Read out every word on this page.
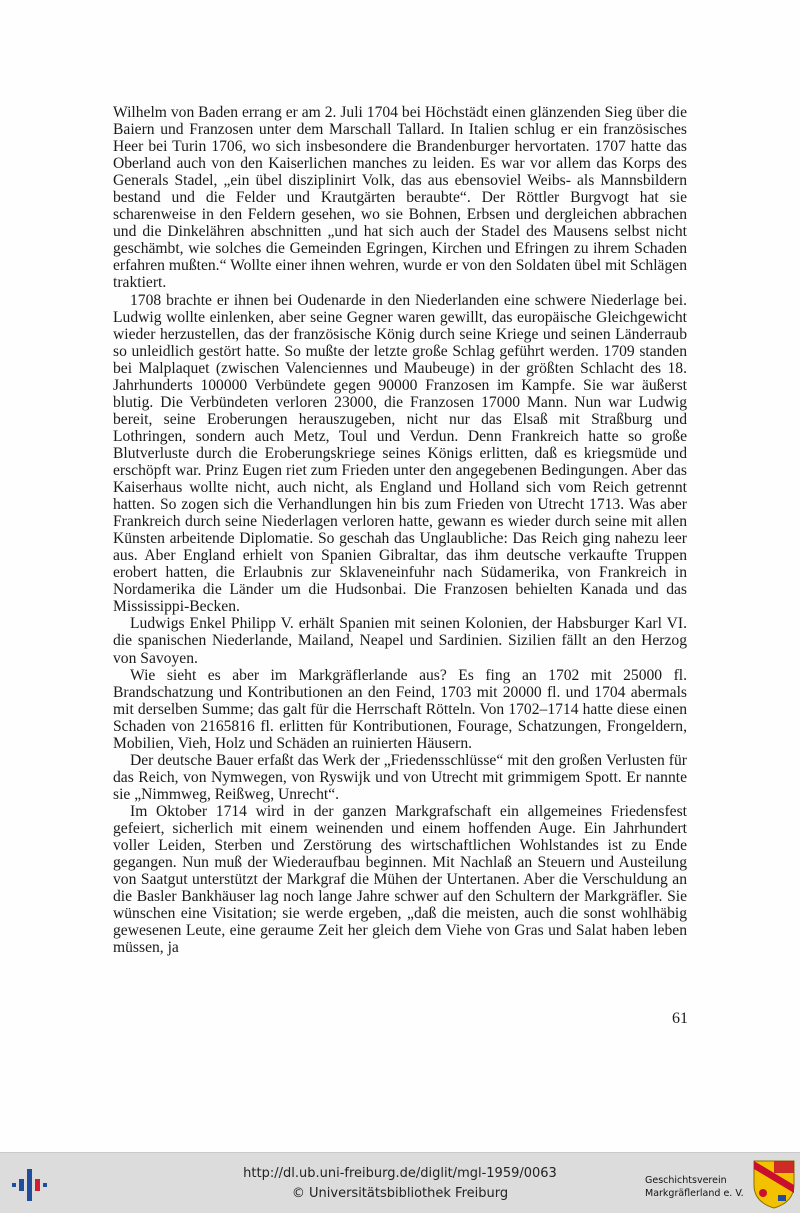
Wilhelm von Baden errang er am 2. Juli 1704 bei Höchstädt einen glänzenden Sieg über die Baiern und Franzosen unter dem Marschall Tallard. In Italien schlug er ein französisches Heer bei Turin 1706, wo sich insbesondere die Brandenburger hervortaten. 1707 hatte das Oberland auch von den Kaiserlichen manches zu leiden. Es war vor allem das Korps des Generals Stadel, „ein übel disziplinirt Volk, das aus ebensoviel Weibs- als Mannsbildern bestand und die Felder und Krautgärten beraubte“. Der Röttler Burgvogt hat sie scharenweise in den Feldern gesehen, wo sie Bohnen, Erbsen und dergleichen abbrachen und die Dinkelähren abschnitten „und hat sich auch der Stadel des Mausens selbst nicht geschämbt, wie solches die Gemeinden Egringen, Kirchen und Efringen zu ihrem Schaden erfahren mußten.“ Wollte einer ihnen wehren, wurde er von den Soldaten übel mit Schlägen traktiert.

1708 brachte er ihnen bei Oudenarde in den Niederlanden eine schwere Niederlage bei. Ludwig wollte einlenken, aber seine Gegner waren gewillt, das europäische Gleichgewicht wieder herzustellen, das der französische König durch seine Kriege und seinen Länderraub so unleidlich gestört hatte. So mußte der letzte große Schlag geführt werden. 1709 standen bei Malplaquet (zwischen Valenciennes und Maubeuge) in der größten Schlacht des 18. Jahrhunderts 100000 Verbündete gegen 90000 Franzosen im Kampfe. Sie war äußerst blutig. Die Verbündeten verloren 23000, die Franzosen 17000 Mann. Nun war Ludwig bereit, seine Eroberungen herauszugeben, nicht nur das Elsaß mit Straßburg und Lothringen, sondern auch Metz, Toul und Verdun. Denn Frankreich hatte so große Blutverluste durch die Eroberungskriege seines Königs erlitten, daß es kriegsmüde und erschöpft war. Prinz Eugen riet zum Frieden unter den angegebenen Bedingungen. Aber das Kaiserhaus wollte nicht, auch nicht, als England und Holland sich vom Reich getrennt hatten. So zogen sich die Verhandlungen hin bis zum Frieden von Utrecht 1713. Was aber Frankreich durch seine Niederlagen verloren hatte, gewann es wieder durch seine mit allen Künsten arbeitende Diplomatie. So geschah das Unglaubliche: Das Reich ging nahezu leer aus. Aber England erhielt von Spanien Gibraltar, das ihm deutsche verkaufte Truppen erobert hatten, die Erlaubnis zur Sklaveneinfuhr nach Südamerika, von Frankreich in Nordamerika die Länder um die Hudsonbai. Die Franzosen behielten Kanada und das Mississippi-Becken.

Ludwigs Enkel Philipp V. erhält Spanien mit seinen Kolonien, der Habsburger Karl VI. die spanischen Niederlande, Mailand, Neapel und Sardinien. Sizilien fällt an den Herzog von Savoyen.

Wie sieht es aber im Markgräflerlande aus? Es fing an 1702 mit 25000 fl. Brandschatzung und Kontributionen an den Feind, 1703 mit 20000 fl. und 1704 abermals mit derselben Summe; das galt für die Herrschaft Rötteln. Von 1702–1714 hatte diese einen Schaden von 2165816 fl. erlitten für Kontributionen, Fourage, Schatzungen, Frongeldern, Mobilien, Vieh, Holz und Schäden an ruinierten Häusern.

Der deutsche Bauer erfaßt das Werk der „Friedensschlüsse“ mit den großen Verlusten für das Reich, von Nymwegen, von Ryswijk und von Utrecht mit grimmigem Spott. Er nannte sie „Nimmweg, Reißweg, Unrecht“.

Im Oktober 1714 wird in der ganzen Markgrafschaft ein allgemeines Friedensfest gefeiert, sicherlich mit einem weinenden und einem hoffenden Auge. Ein Jahrhundert voller Leiden, Sterben und Zerstörung des wirtschaftlichen Wohlstandes ist zu Ende gegangen. Nun muß der Wiederaufbau beginnen. Mit Nachlaß an Steuern und Austeilung von Saatgut unterstützt der Markgraf die Mühen der Untertanen. Aber die Verschuldung an die Basler Bankhäuser lag noch lange Jahre schwer auf den Schultern der Markgräfler. Sie wünschen eine Visitation; sie werde ergeben, „daß die meisten, auch die sonst wohlhäbig gewesenen Leute, eine geraume Zeit her gleich dem Viehe von Gras und Salat haben leben müssen, ja

61
http://dl.ub.uni-freiburg.de/diglit/mgl-1959/0063
© Universitätsbibliothek Freiburg
Geschichtsverein
Markgräflerland e. V.
